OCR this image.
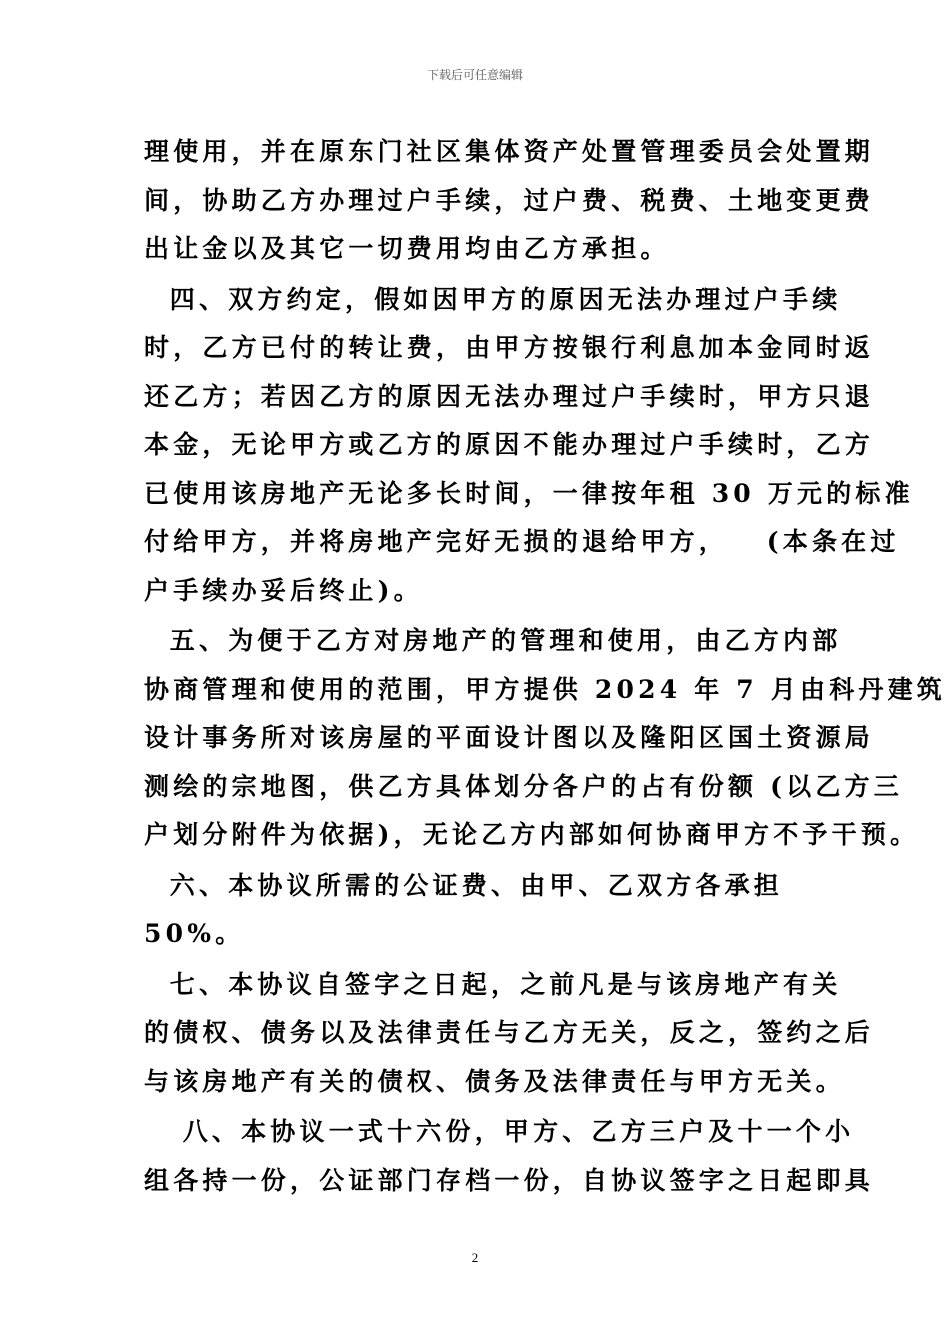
下载后可任意编辑

理使用，并在原东门社区集体资产处置管理委员会处置期

间，协助乙方办理过户手续，过户费、税费、土地变更费

出让金以及其它一切费用均由乙方承担。

四、双方约定，假如因甲方的原因无法办理过户手续

时，乙方已付的转让费，由甲方按银行利息加本金同时返

还乙方；若因乙方的原因无法办理过户手续时，甲方只退

本金，无论甲方或乙方的原因不能办理过户手续时，乙方

已使用该房地产无论多长时间，一律按年租 30 万元的标准

付给甲方，并将房地产完好无损的退给甲方，   (本条在过

户手续办妥后终止)。

五、为便于乙方对房地产的管理和使用，由乙方内部

协商管理和使用的范围，甲方提供 2024 年 7 月由科丹建筑

设计事务所对该房屋的平面设计图以及隆阳区国土资源局

测绘的宗地图，供乙方具体划分各户的占有份额 (以乙方三

户划分附件为依据)，无论乙方内部如何协商甲方不予干预。

六、本协议所需的公证费、由甲、乙双方各承担

50%。

七、本协议自签字之日起，之前凡是与该房地产有关

的债权、债务以及法律责任与乙方无关，反之，签约之后

与该房地产有关的债权、债务及法律责任与甲方无关。

八、本协议一式十六份，甲方、乙方三户及十一个小

组各持一份，公证部门存档一份，自协议签字之日起即具

2
